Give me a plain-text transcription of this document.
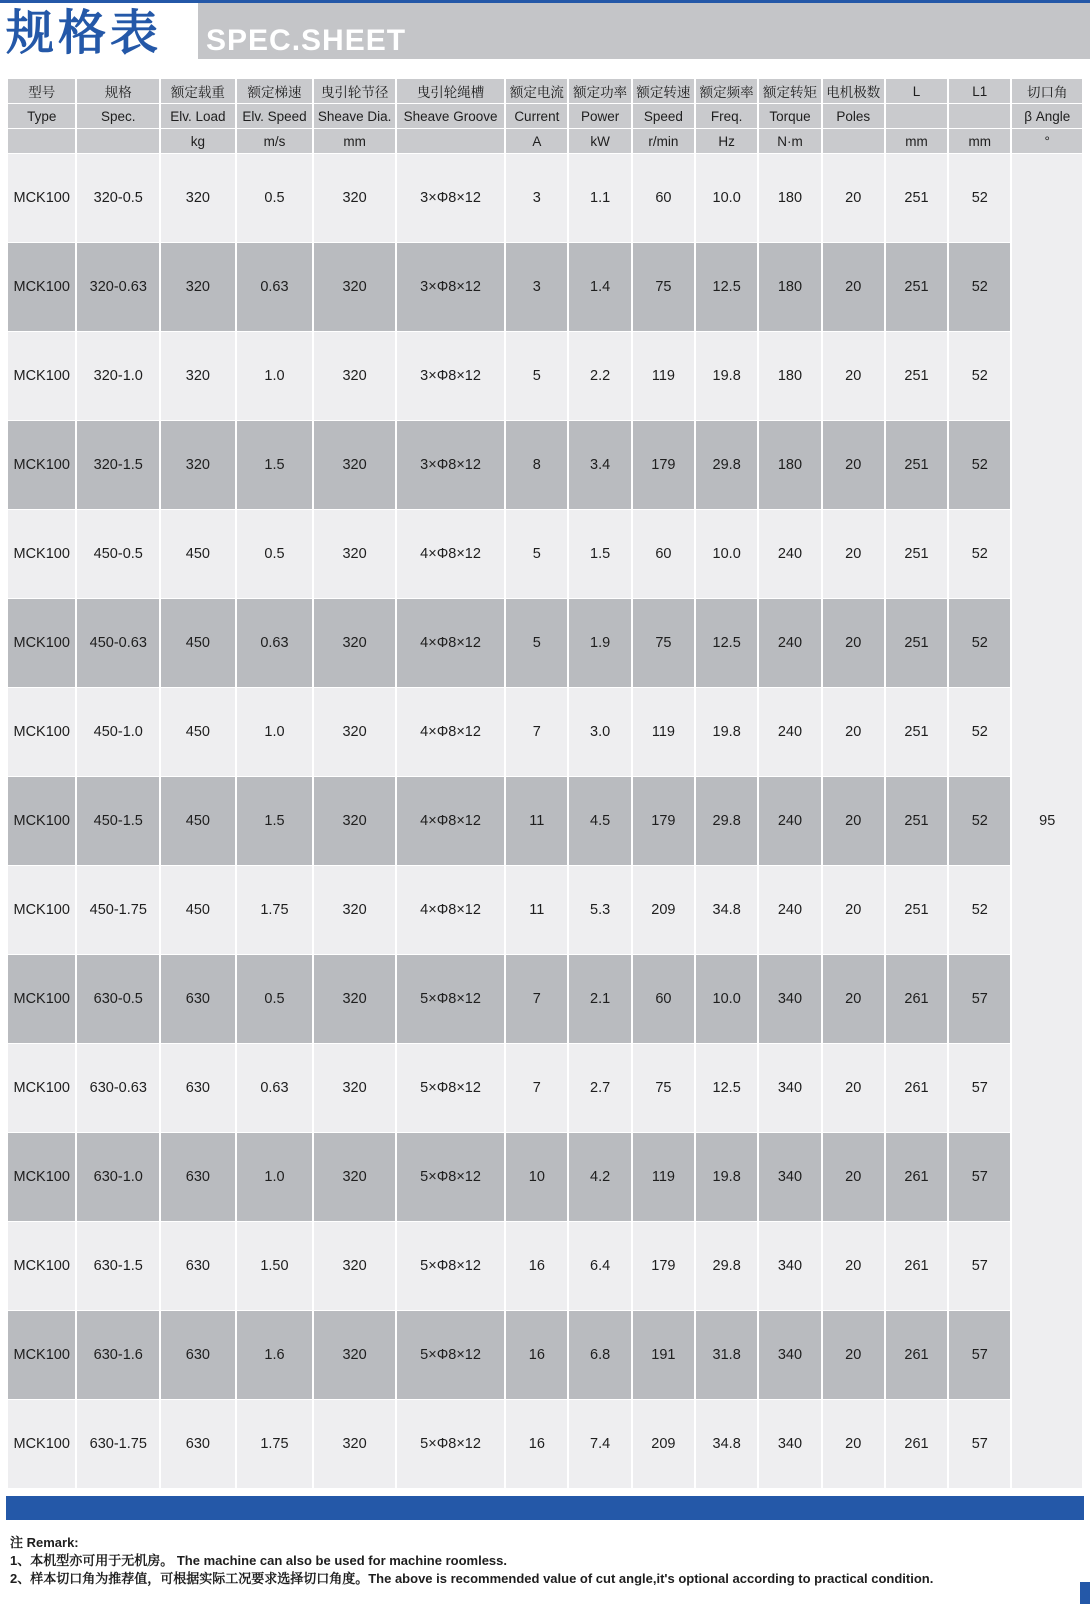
规格表 SPEC.SHEET
型号	规格	额定载重	额定梯速	曳引轮节径	曳引轮绳槽	额定电流	额定功率	额定转速	额定频率	额定转矩	电机极数	L	L1	切口角
Type	Spec.	Elv. Load	Elv. Speed	Sheave Dia.	Sheave Groove	Current	Power	Speed	Freq.	Torque	Poles			β Angle
		kg	m/s	mm		A	kW	r/min	Hz	N·m		mm	mm	°
MCK100	320-0.5	320	0.5	320	3×Φ8×12	3	1.1	60	10.0	180	20	251	52	95
MCK100	320-0.63	320	0.63	320	3×Φ8×12	3	1.4	75	12.5	180	20	251	52	
MCK100	320-1.0	320	1.0	320	3×Φ8×12	5	2.2	119	19.8	180	20	251	52	
MCK100	320-1.5	320	1.5	320	3×Φ8×12	8	3.4	179	29.8	180	20	251	52	
MCK100	450-0.5	450	0.5	320	4×Φ8×12	5	1.5	60	10.0	240	20	251	52	
MCK100	450-0.63	450	0.63	320	4×Φ8×12	5	1.9	75	12.5	240	20	251	52	
MCK100	450-1.0	450	1.0	320	4×Φ8×12	7	3.0	119	19.8	240	20	251	52	
MCK100	450-1.5	450	1.5	320	4×Φ8×12	11	4.5	179	29.8	240	20	251	52	
MCK100	450-1.75	450	1.75	320	4×Φ8×12	11	5.3	209	34.8	240	20	251	52	
MCK100	630-0.5	630	0.5	320	5×Φ8×12	7	2.1	60	10.0	340	20	261	57	
MCK100	630-0.63	630	0.63	320	5×Φ8×12	7	2.7	75	12.5	340	20	261	57	
MCK100	630-1.0	630	1.0	320	5×Φ8×12	10	4.2	119	19.8	340	20	261	57	
MCK100	630-1.5	630	1.50	320	5×Φ8×12	16	6.4	179	29.8	340	20	261	57	
MCK100	630-1.6	630	1.6	320	5×Φ8×12	16	6.8	191	31.8	340	20	261	57	
MCK100	630-1.75	630	1.75	320	5×Φ8×12	16	7.4	209	34.8	340	20	261	57	
注 Remark:
1、本机型亦可用于无机房。 The machine can also be used for machine roomless.
2、样本切口角为推荐值，可根据实际工况要求选择切口角度。The above is recommended value of cut angle,it's optional according to practical condition.
